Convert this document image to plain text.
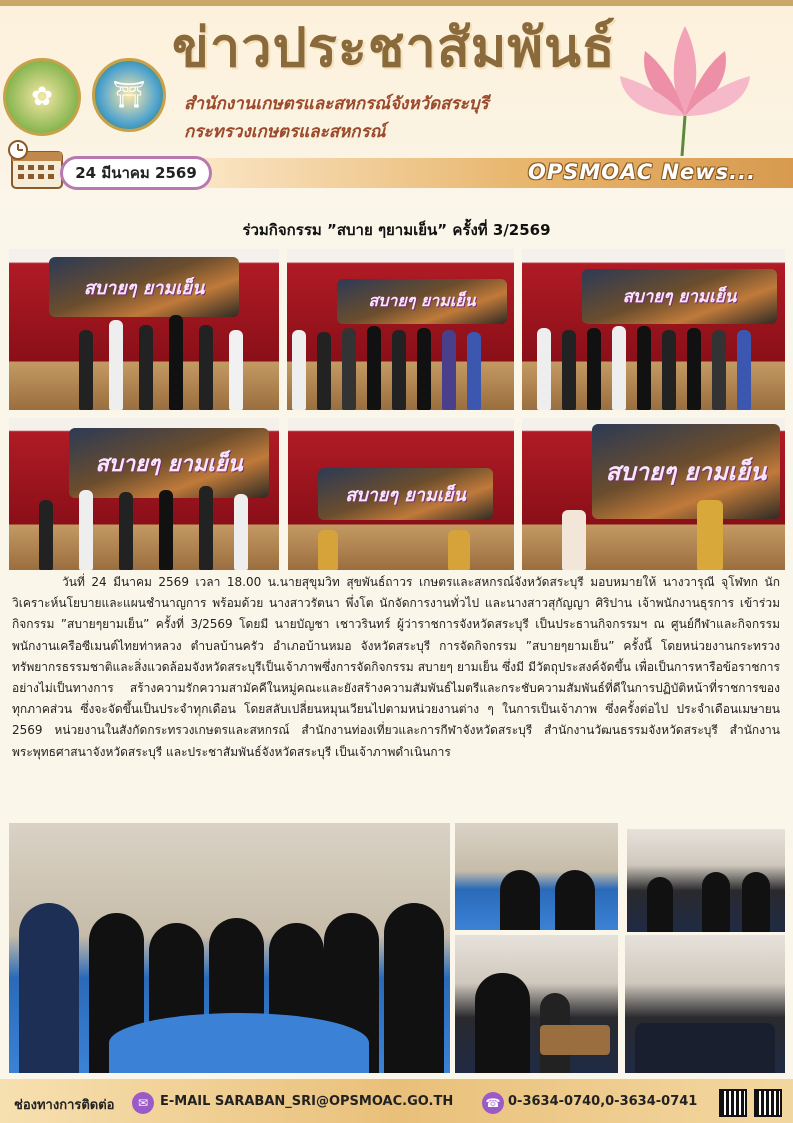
✿ ⛩
ข่าวประชาสัมพันธ์
สำนักงานเกษตรและสหกรณ์จังหวัดสระบุรี
กระทรวงเกษตรและสหกรณ์
24 มีนาคม 2569	OPSMOAC News...
ร่วมกิจกรรม ”สบาย ๆยามเย็น” ครั้งที่ 3/2569
สบายๆ ยามเย็น
สบายๆ ยามเย็น	สบายๆ ยามเย็น
สบายๆ ยามเย็น
สบายๆ ยามเย็น
สบายๆ ยามเย็น

วันที่ 24 มีนาคม 2569 เวลา 18.00 น.นายสุขุมวิท สุขพันธ์ถาวร เกษตรและสหกรณ์จังหวัดสระบุรี มอบหมายให้ นางวารุณี จุโฬทก นักวิเคราะห์นโยบายและแผนชำนาญการ พร้อมด้วย นางสาวรัตนา พึ่งโต นักจัดการงานทั่วไป และนางสาวสุกัญญา ศิริปาน เจ้าพนักงานธุรการ เข้าร่วมกิจกรรม ”สบายๆยามเย็น” ครั้งที่ 3/2569 โดยมี นายบัญชา เชาวรินทร์ ผู้ว่าราชการจังหวัดสระบุรี เป็นประธานกิจกรรมฯ ณ ศูนย์กีฬาและกิจกรรมพนักงานเครือซีเมนต์ไทยท่าหลวง ตำบลบ้านครัว อำเภอบ้านหมอ จังหวัดสระบุรี การจัดกิจกรรม ”สบายๆยามเย็น” ครั้งนี้ โดยหน่วยงานกระทรวงทรัพยากรธรรมชาติและสิ่งแวดล้อมจังหวัดสระบุรีเป็นเจ้าภาพซึ่งการจัดกิจกรรม สบายๆ ยามเย็น ซึ่งมี มีวัตถุประสงค์จัดขึ้น เพื่อเป็นการหารือข้อราชการอย่างไม่เป็นทางการ สร้างความรักความสามัคคีในหมู่คณะและยังสร้างความสัมพันธ์ไมตรีและกระชับความสัมพันธ์ที่ดีในการปฏิบัติหน้าที่ราชการของทุกภาคส่วน ซึ่งจะจัดขึ้นเป็นประจำทุกเดือน โดยสลับเปลี่ยนหมุนเวียนไปตามหน่วยงานต่าง ๆ ในการเป็นเจ้าภาพ ซึ่งครั้งต่อไป ประจำเดือนเมษายน 2569 หน่วยงานในสังกัดกระทรวงเกษตรและสหกรณ์ สำนักงานท่องเที่ยวและการกีฬาจังหวัดสระบุรี สำนักงานวัฒนธรรมจังหวัดสระบุรี สำนักงานพระพุทธศาสนาจังหวัดสระบุรี และประชาสัมพันธ์จังหวัดสระบุรี เป็นเจ้าภาพดำเนินการ

ช่องทางการติดต่อ	✉ E-MAIL SARABAN_SRI@OPSMOAC.GO.TH	☎ 0-3634-0740,0-3634-0741
